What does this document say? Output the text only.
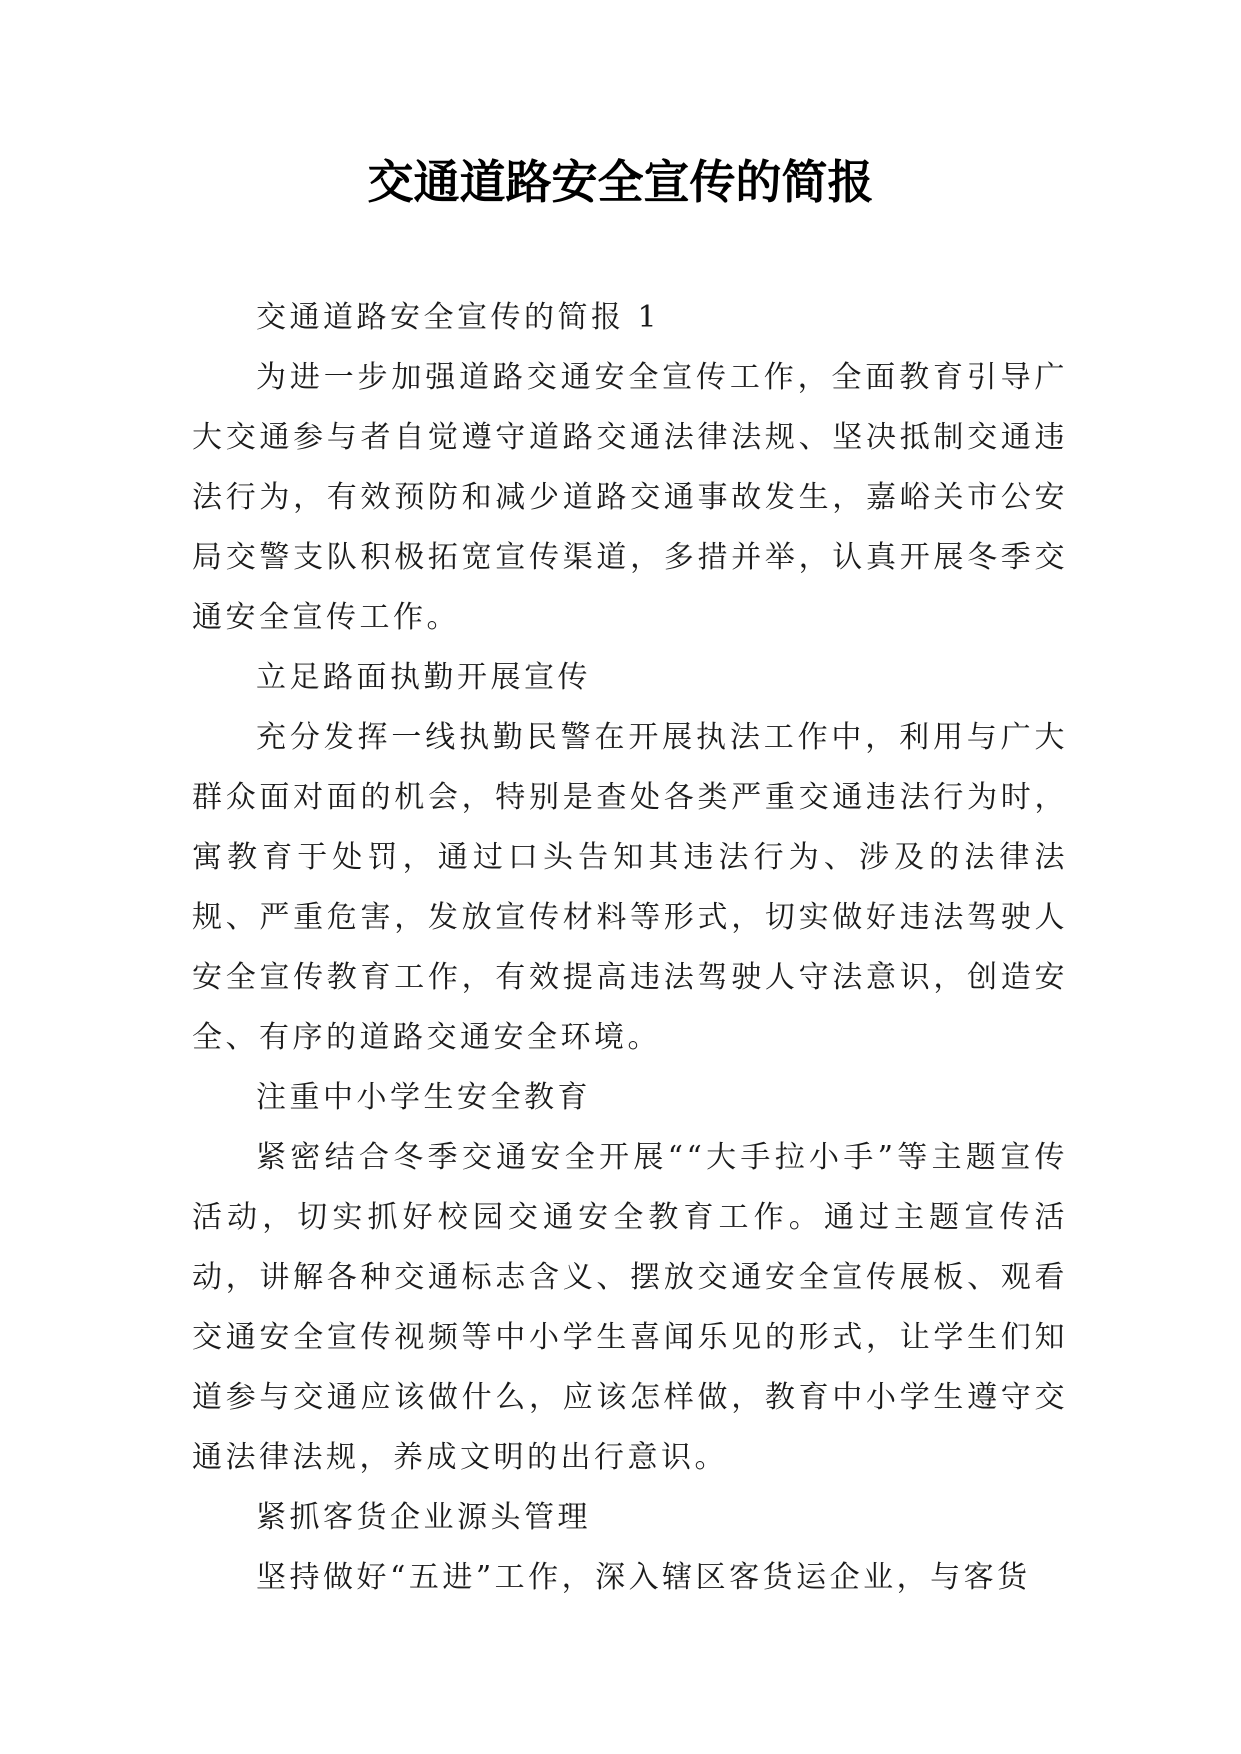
交通道路安全宣传的简报

交通道路安全宣传的简报 1

为进一步加强道路交通安全宣传工作，全面教育引导广大交通参与者自觉遵守道路交通法律法规、坚决抵制交通违法行为，有效预防和减少道路交通事故发生，嘉峪关市公安局交警支队积极拓宽宣传渠道，多措并举，认真开展冬季交通安全宣传工作。

立足路面执勤开展宣传

充分发挥一线执勤民警在开展执法工作中，利用与广大群众面对面的机会，特别是查处各类严重交通违法行为时，寓教育于处罚，通过口头告知其违法行为、涉及的法律法规、严重危害，发放宣传材料等形式，切实做好违法驾驶人安全宣传教育工作，有效提高违法驾驶人守法意识，创造安全、有序的道路交通安全环境。

注重中小学生安全教育

紧密结合冬季交通安全开展““大手拉小手”等主题宣传活动，切实抓好校园交通安全教育工作。通过主题宣传活动，讲解各种交通标志含义、摆放交通安全宣传展板、观看交通安全宣传视频等中小学生喜闻乐见的形式，让学生们知道参与交通应该做什么，应该怎样做，教育中小学生遵守交通法律法规，养成文明的出行意识。

紧抓客货企业源头管理

坚持做好“五进”工作，深入辖区客货运企业，与客货
